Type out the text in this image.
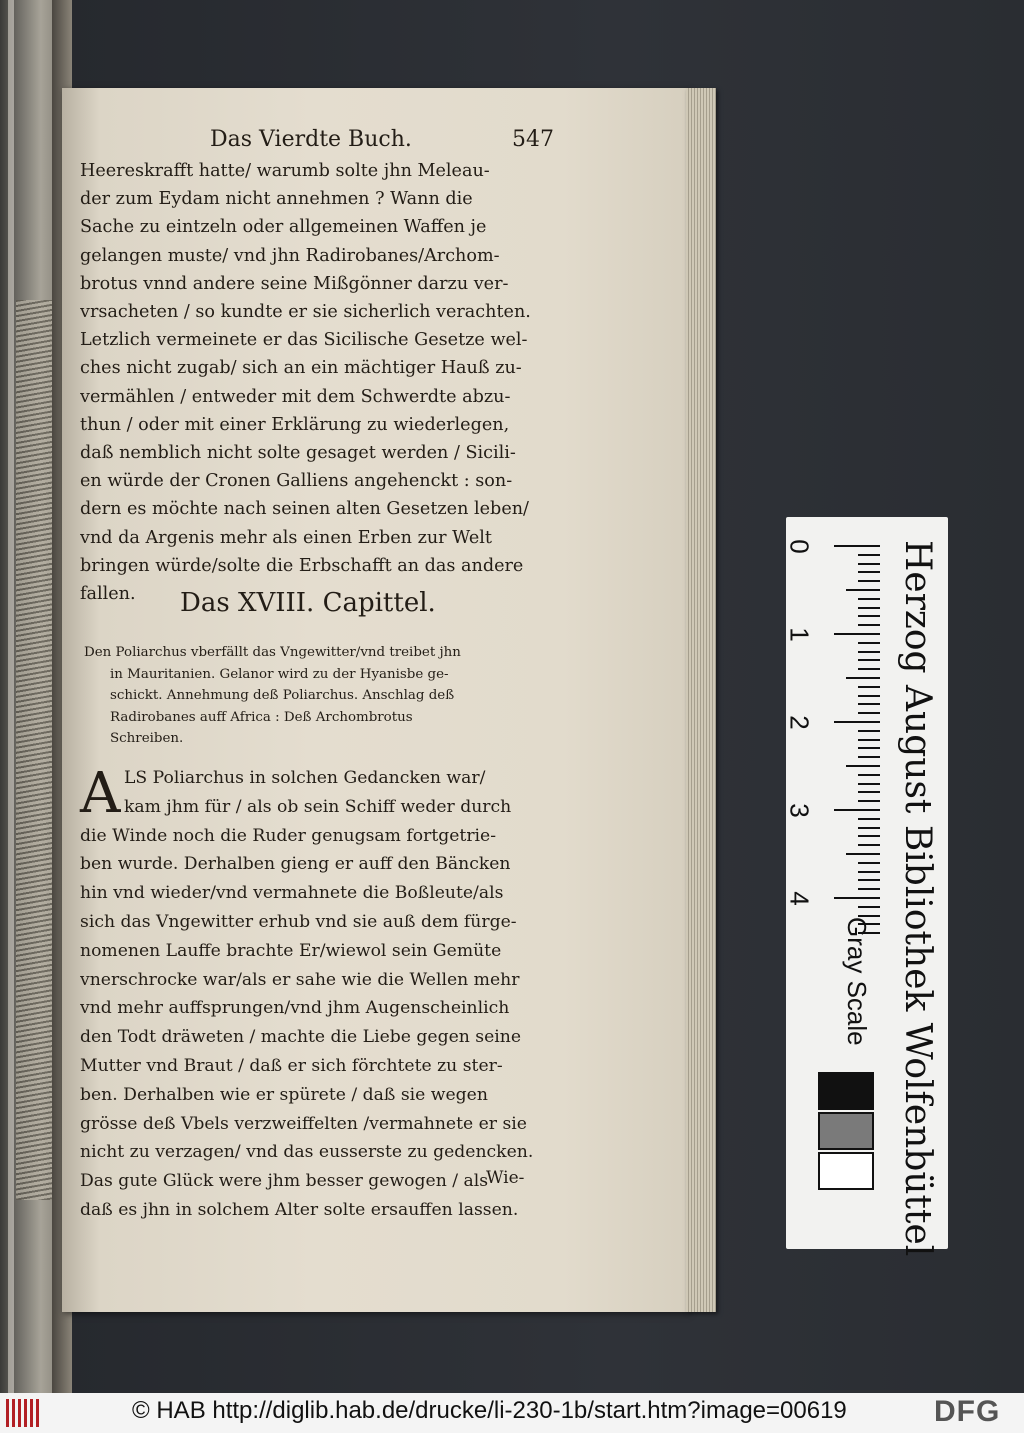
Das Vierdte Buch.	547
Heereskrafft hatte/ warumb solte jhn Meleau-
der zum Eydam nicht annehmen ? Wann die
Sache zu eintzeln oder allgemeinen Waffen je
gelangen muste/ vnd jhn Radirobanes/Archom-
brotus vnnd andere seine Mißgönner darzu ver-
vrsacheten / so kundte er sie sicherlich verachten.
Letzlich vermeinete er das Sicilische Gesetze wel-
ches nicht zugab/ sich an ein mächtiger Hauß zu-
vermählen / entweder mit dem Schwerdte abzu-
thun / oder mit einer Erklärung zu wiederlegen,
daß nemblich nicht solte gesaget werden / Sicili-
en würde der Cronen Galliens angehenckt : son-
dern es möchte nach seinen alten Gesetzen leben/
vnd da Argenis mehr als einen Erben zur Welt
bringen würde/solte die Erbschafft an das andere
fallen.	Das XVIII. Capittel.
Den Poliarchus vberfällt das Vngewitter/vnd treibet jhn
in Mauritanien. Gelanor wird zu der Hyanisbe ge-
schickt. Annehmung deß Poliarchus. Anschlag deß
Radirobanes auff Africa : Deß Archombrotus
Schreiben.
A LS Poliarchus in solchen Gedancken war/
kam jhm für / als ob sein Schiff weder durch
die Winde noch die Ruder genugsam fortgetrie-
ben wurde. Derhalben gieng er auff den Bäncken
hin vnd wieder/vnd vermahnete die Boßleute/als
sich das Vngewitter erhub vnd sie auß dem fürge-
nomenen Lauffe brachte Er/wiewol sein Gemüte
vnerschrocke war/als er sahe wie die Wellen mehr
vnd mehr auffsprungen/vnd jhm Augenscheinlich
den Todt dräweten / machte die Liebe gegen seine
Mutter vnd Braut / daß er sich förchtete zu ster-
ben. Derhalben wie er spürete / daß sie wegen
grösse deß Vbels verzweiffelten /vermahnete er sie
nicht zu verzagen/ vnd das eusserste zu gedencken.
Das gute Glück were jhm besser gewogen / als
daß es jhn in solchem Alter solte ersauffen lassen.
Wie-
0
1
2
3
4 Herzog August Bibliothek Wolfenbüttel
Gray Scale
© HAB http://diglib.hab.de/drucke/li-230-1b/start.htm?image=00619	DFG
